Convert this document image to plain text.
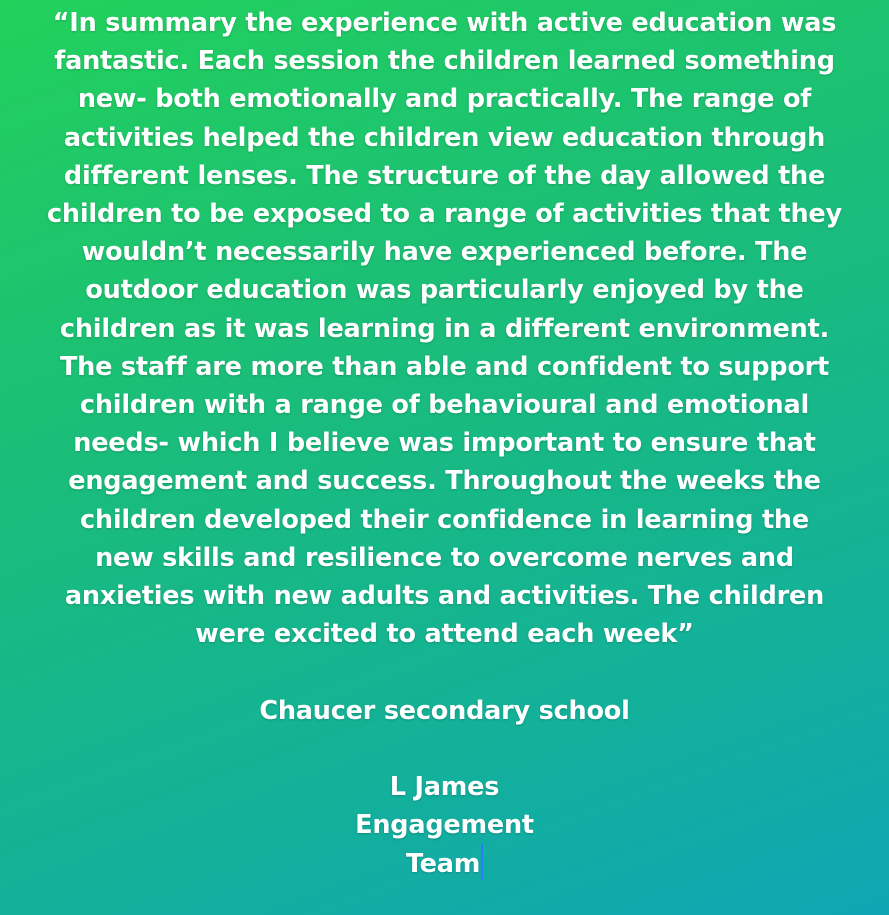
“In summary the experience with active education was
fantastic. Each session the children learned something
new- both emotionally and practically. The range of
activities helped the children view education through
different lenses. The structure of the day allowed the
children to be exposed to a range of activities that they
wouldn’t necessarily have experienced before. The
outdoor education was particularly enjoyed by the
children as it was learning in a different environment.
The staff are more than able and confident to support
children with a range of behavioural and emotional
needs- which I believe was important to ensure that
engagement and success. Throughout the weeks the
children developed their confidence in learning the
new skills and resilience to overcome nerves and
anxieties with new adults and activities. The children
were excited to attend each week”
Chaucer secondary school
L James
Engagement
Team
